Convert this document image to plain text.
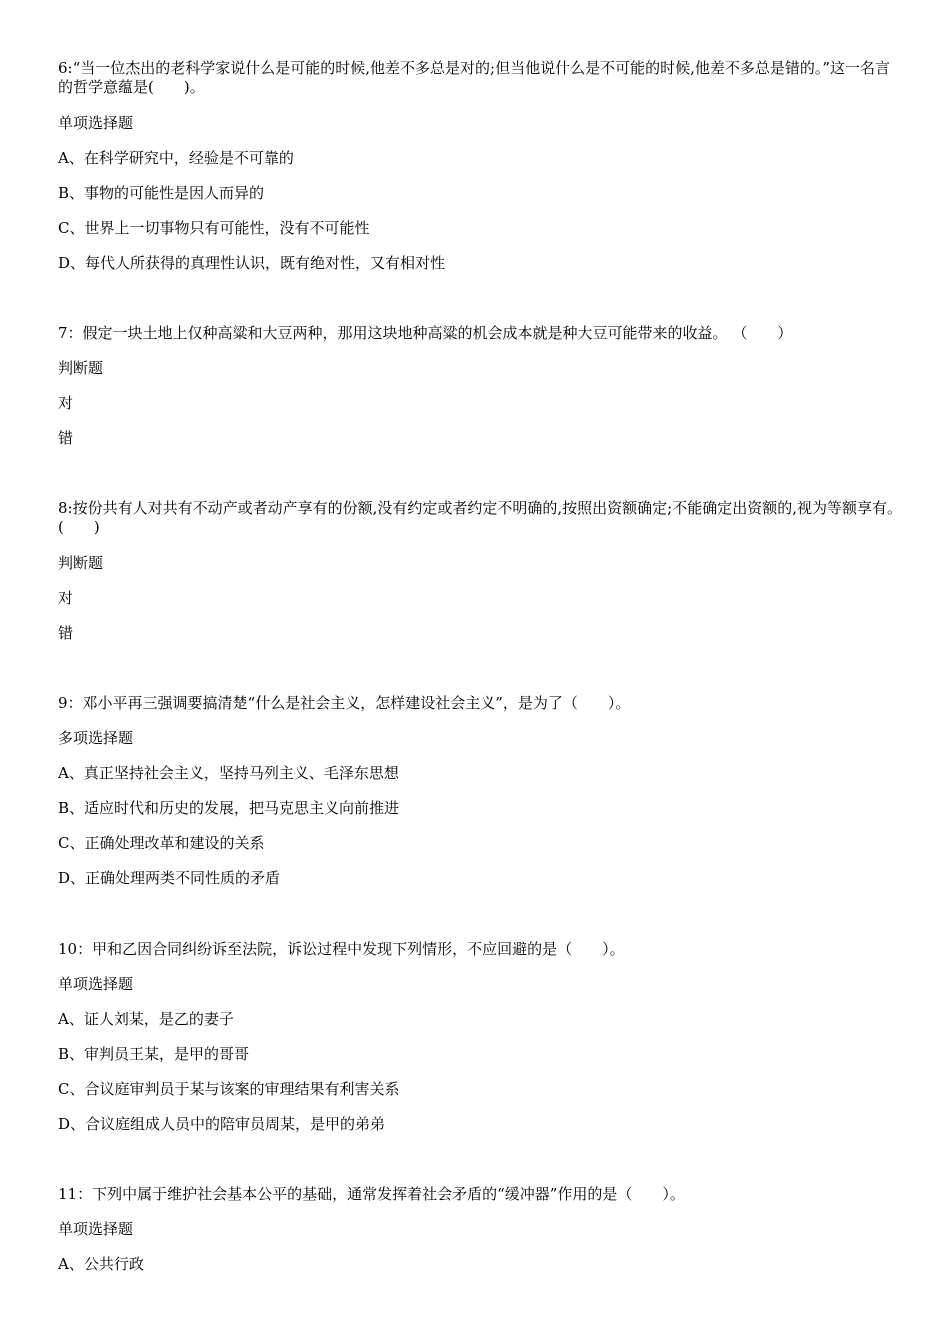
6:“当一位杰出的老科学家说什么是可能的时候,他差不多总是对的;但当他说什么是不可能的时候,他差不多总是错的。”这一名言的哲学意蕴是(　　)。
单项选择题
A、在科学研究中，经验是不可靠的
B、事物的可能性是因人而异的
C、世界上一切事物只有可能性，没有不可能性
D、每代人所获得的真理性认识，既有绝对性，又有相对性
7：假定一块土地上仅种高粱和大豆两种，那用这块地种高粱的机会成本就是种大豆可能带来的收益。 （　　）
判断题
对
错
8:按份共有人对共有不动产或者动产享有的份额,没有约定或者约定不明确的,按照出资额确定;不能确定出资额的,视为等额享有。 (　　)
判断题
对
错
9：邓小平再三强调要搞清楚“什么是社会主义，怎样建设社会主义”，是为了（　　）。
多项选择题
A、真正坚持社会主义，坚持马列主义、毛泽东思想
B、适应时代和历史的发展，把马克思主义向前推进
C、正确处理改革和建设的关系
D、正确处理两类不同性质的矛盾
10：甲和乙因合同纠纷诉至法院，诉讼过程中发现下列情形，不应回避的是（　　）。
单项选择题
A、证人刘某，是乙的妻子
B、审判员王某，是甲的哥哥
C、合议庭审判员于某与该案的审理结果有利害关系
D、合议庭组成人员中的陪审员周某，是甲的弟弟
11：下列中属于维护社会基本公平的基础，通常发挥着社会矛盾的“缓冲器”作用的是（　　）。
单项选择题
A、公共行政
